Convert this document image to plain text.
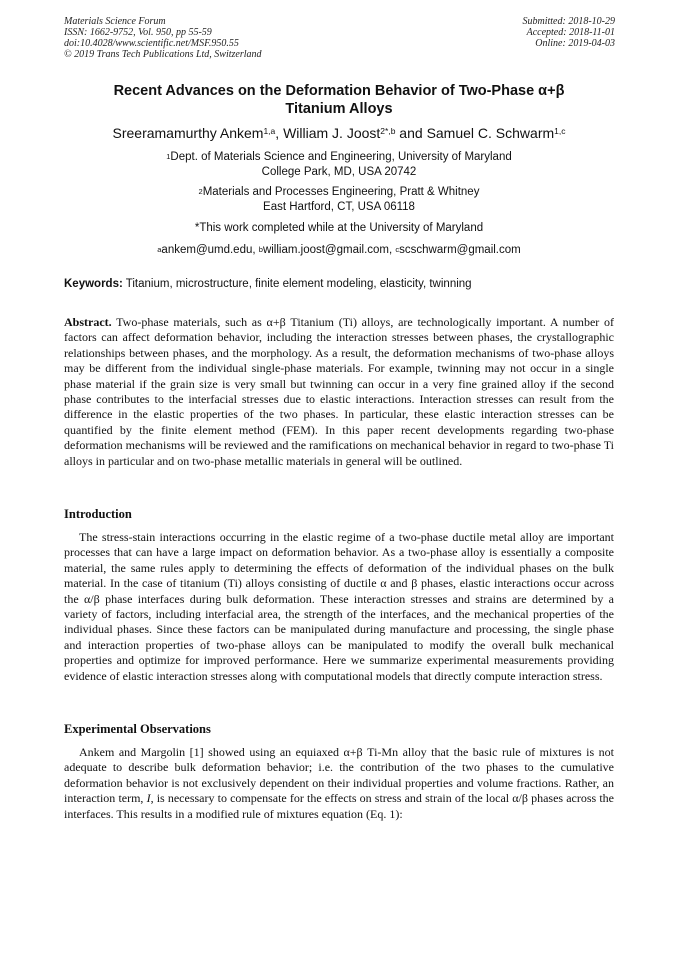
Materials Science Forum
ISSN: 1662-9752, Vol. 950, pp 55-59
doi:10.4028/www.scientific.net/MSF.950.55
© 2019 Trans Tech Publications Ltd, Switzerland
Submitted: 2018-10-29
Accepted: 2018-11-01
Online: 2019-04-03
Recent Advances on the Deformation Behavior of Two-Phase α+β
Titanium Alloys
Sreeramamurthy Ankem$^{1,a}$, William J. Joost$^{2*,b}$ and Samuel C. Schwarm$^{1,c}$
$^1$Dept. of Materials Science and Engineering, University of Maryland
College Park, MD, USA 20742
$^2$Materials and Processes Engineering, Pratt & Whitney
East Hartford, CT, USA 06118
*This work completed while at the University of Maryland
$^a$ankem@umd.edu, $^b$william.joost@gmail.com, $^c$scschwarm@gmail.com
Keywords: Titanium, microstructure, finite element modeling, elasticity, twinning
Abstract. Two-phase materials, such as α+β Titanium (Ti) alloys, are technologically important. A number of factors can affect deformation behavior, including the interaction stresses between phases, the crystallographic relationships between phases, and the morphology. As a result, the deformation mechanisms of two-phase alloys may be different from the individual single-phase materials. For example, twinning may not occur in a single phase material if the grain size is very small but twinning can occur in a very fine grained alloy if the second phase contributes to the interfacial stresses due to elastic interactions. Interaction stresses can result from the difference in the elastic properties of the two phases. In particular, these elastic interaction stresses can be quantified by the finite element method (FEM). In this paper recent developments regarding two-phase deformation mechanisms will be reviewed and the ramifications on mechanical behavior in regard to two-phase Ti alloys in particular and on two-phase metallic materials in general will be outlined.
Introduction
The stress-stain interactions occurring in the elastic regime of a two-phase ductile metal alloy are important processes that can have a large impact on deformation behavior. As a two-phase alloy is essentially a composite material, the same rules apply to determining the effects of deformation of the individual phases on the bulk material. In the case of titanium (Ti) alloys consisting of ductile α and β phases, elastic interactions occur across the α/β phase interfaces during bulk deformation. These interaction stresses and strains are determined by a variety of factors, including interfacial area, the strength of the interfaces, and the mechanical properties of the individual phases. Since these factors can be manipulated during manufacture and processing, the single phase and interaction properties of two-phase alloys can be manipulated to modify the overall bulk mechanical properties and optimize for improved performance. Here we summarize experimental measurements providing evidence of elastic interaction stresses along with computational models that directly compute interaction stress.
Experimental Observations
Ankem and Margolin [1] showed using an equiaxed α+β Ti-Mn alloy that the basic rule of mixtures is not adequate to describe bulk deformation behavior; i.e. the contribution of the two phases to the cumulative deformation behavior is not exclusively dependent on their individual properties and volume fractions. Rather, an interaction term, I, is necessary to compensate for the effects on stress and strain of the local α/β phases across the interfaces. This results in a modified rule of mixtures equation (Eq. 1):
